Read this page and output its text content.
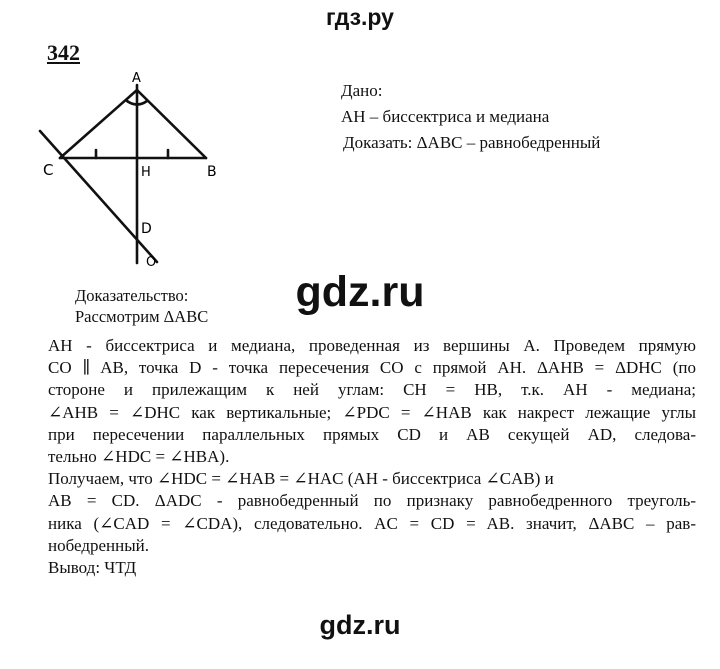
гдз.ру
342
A
C	H	B
D
O
Дано:
AH – биссектриса и медиана
Доказать: ΔABC – равнобедренный
gdz.ru
Доказательство:
Рассмотрим ΔABC
AH - биссектриса и медиана, проведенная из вершины A. Проведем прямую
CO ∥ AB, точка D - точка пересечения CO с прямой AH. ΔAHB = ΔDHC (по
стороне и прилежащим к ней углам: CH = HB, т.к. AH - медиана;
∠AHB = ∠DHC как вертикальные; ∠PDC = ∠HAB как накрест лежащие углы
при пересечении параллельных прямых CD и AB секущей AD, следова-
тельно ∠HDC = ∠HBA).
Получаем, что ∠HDC = ∠HAB = ∠HAC (AH - биссектриса ∠CAB) и
AB = CD. ΔADC - равнобедренный по признаку равнобедренного треуголь-
ника (∠CAD = ∠CDA), следовательно. AC = CD = AB. значит, ΔABC – рав-
нобедренный.
Вывод: ЧТД
gdz.ru
